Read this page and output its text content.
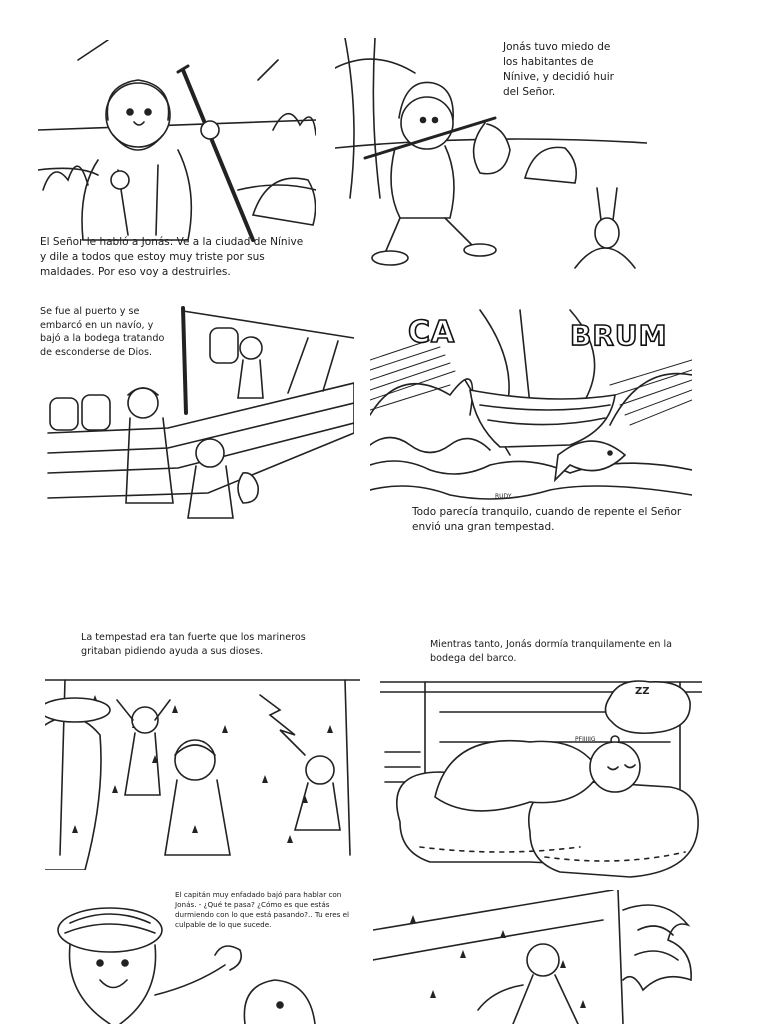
El Señor le habló a Jonás: Ve a la ciudad de Nínive y dile a todos que estoy muy triste por sus maldades. Por eso voy a destruirles.
Jonás tuvo miedo de los habitantes de Nínive, y decidió huir del Señor.
Se fue al puerto y se embarcó en un navío, y bajó a la bodega tratando de esconderse de Dios.
CA	BRUM
RUDY
Todo parecía tranquilo, cuando de repente el Señor envió una gran tempestad.
La tempestad era tan fuerte que los marineros gritaban pidiendo ayuda a sus dioses.
Mientras tanto, Jonás dormía tranquilamente en la bodega del barco.
PFIIIIIG
ZZ
El capitán muy enfadado bajó para hablar con Jonás. - ¿Qué te pasa? ¿Cómo es que estás durmiendo con lo que está pasando?.. Tu eres el culpable de lo que sucede.
